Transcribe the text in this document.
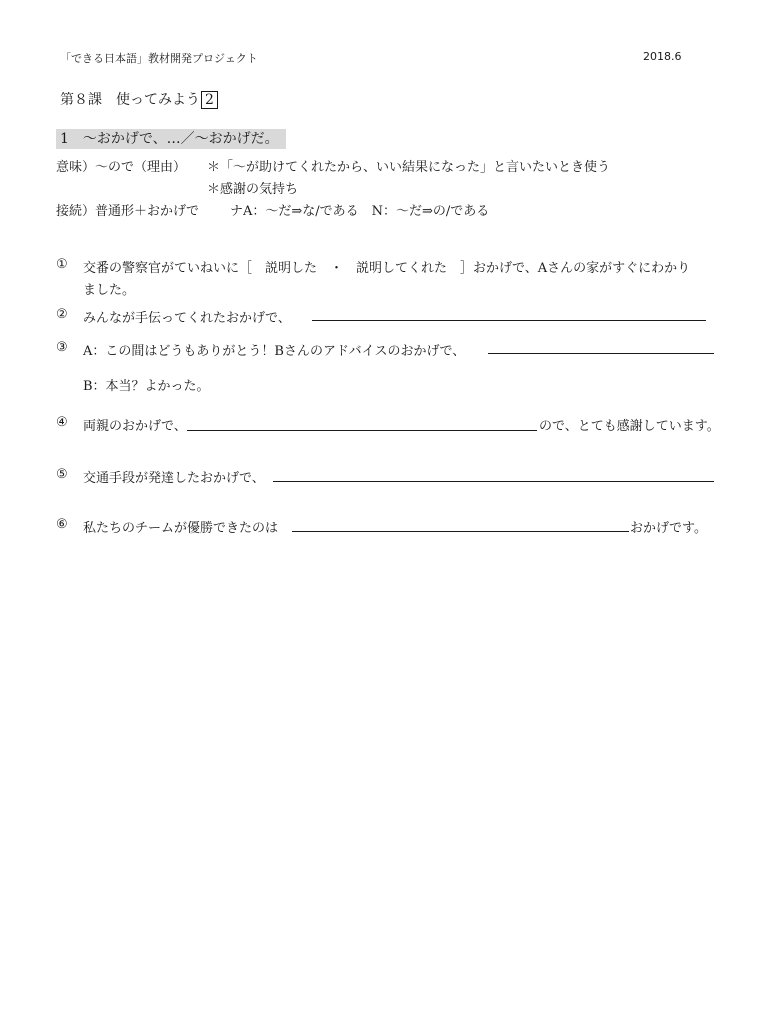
「できる日本語」教材開発プロジェクト	2018.6
第８課　使ってみよう 2
1　～おかげで、…／～おかげだ。
意味）～ので（理由） ＊「～が助けてくれたから、いい結果になった」と言いたいとき使う
＊感謝の気持ち
接続）普通形＋おかげで ナA：～だ⇒な/である　N：～だ⇒の/である
① 交番の警察官がていねいに［　説明した　・　説明してくれた　］おかげで、Aさんの家がすぐにわかり
ました。
② みんなが手伝ってくれたおかげで、
③ A：この間はどうもありがとう！Bさんのアドバイスのおかげで、
B：本当？よかった。
④ 両親のおかげで、	ので、とても感謝しています。
⑤ 交通手段が発達したおかげで、
⑥ 私たちのチームが優勝できたのは	おかげです。
